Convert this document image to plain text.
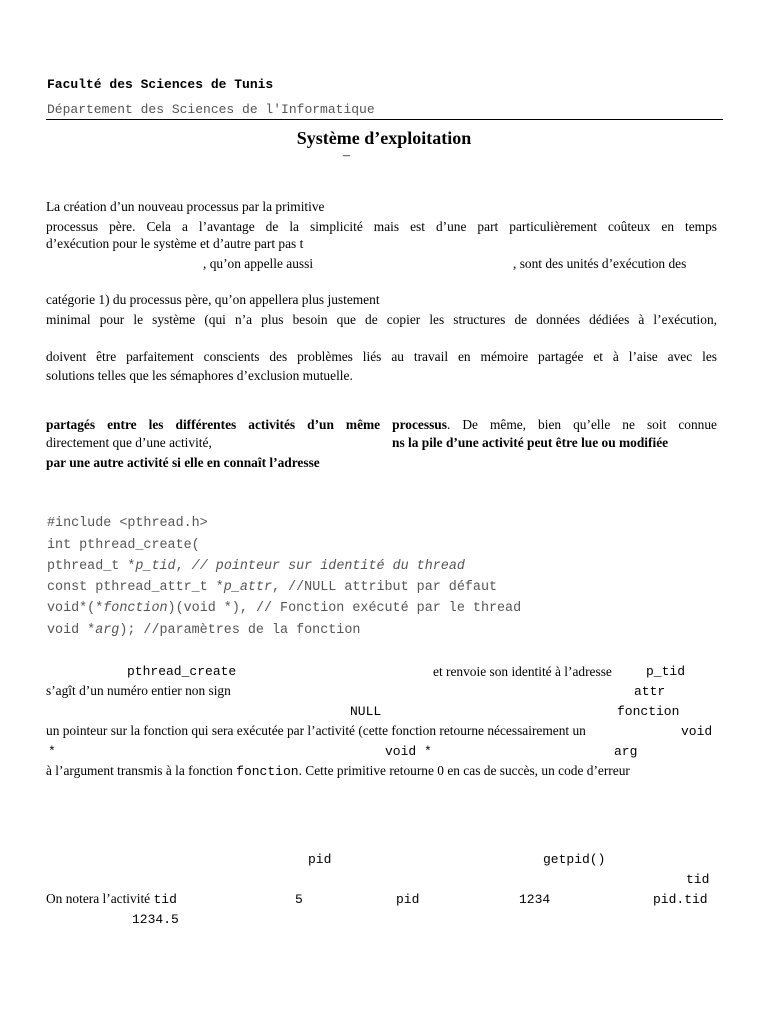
Faculté des Sciences de Tunis
Département des Sciences de l'Informatique
Système d’exploitation
–
La création d’un nouveau processus par la primitive
processus père. Cela a l’avantage de la simplicité mais est d’une part particulièrement coûteux en temps
d’exécution pour le système et d’autre part pas t
, qu’on appelle aussi	, sont des unités d’exécution des
catégorie 1) du processus père, qu’on appellera plus justement
minimal pour le système (qui n’a plus besoin que de copier les structures de données dédiées à l’exécution,
doivent être parfaitement conscients des problèmes liés au travail en mémoire partagée et à l’aise avec les
solutions telles que les sémaphores d’exclusion mutuelle.
partagés entre les différentes activités d’un même processus. De même, bien qu’elle ne soit connue
directement que d’une activité,	ns la pile d’une activité peut être lue ou modifiée
par une autre activité si elle en connaît l’adresse
#include <pthread.h>
int pthread_create(
pthread_t *p_tid, // pointeur sur identité du thread
const pthread_attr_t *p_attr, //NULL attribut par défaut
void*(*fonction)(void *), // Fonction exécuté par le thread
void *arg); //paramètres de la fonction
pthread_create	et renvoie son identité à l’adresse	p_tid
s’agît d’un numéro entier non sign	attr
NULL	fonction
un pointeur sur la fonction qui sera exécutée par l’activité (cette fonction retourne nécessairement un	void
*	void *	arg
à l’argument transmis à la fonction fonction. Cette primitive retourne 0 en cas de succès, un code d’erreur
pid	getpid()
tid
On notera l’activité tid	5	pid	1234	pid.tid
1234.5
